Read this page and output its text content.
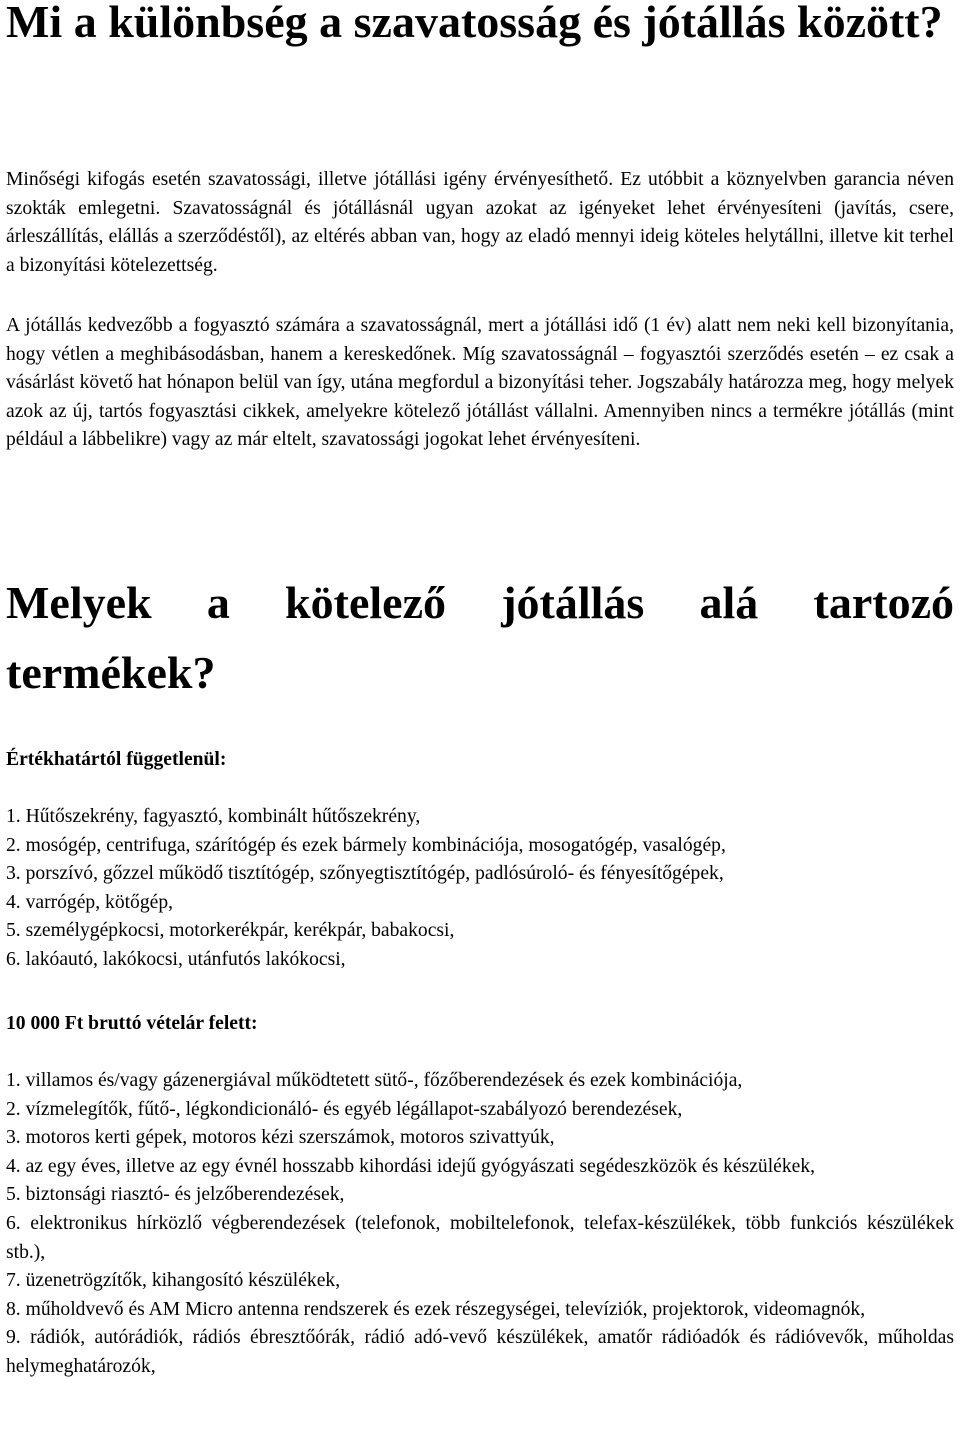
Mi a különbség a szavatosság és jótállás között?

Minőségi kifogás esetén szavatossági, illetve jótállási igény érvényesíthető. Ez utóbbit a köznyelvben garancia néven szokták emlegetni. Szavatosságnál és jótállásnál ugyan azokat az igényeket lehet érvényesíteni (javítás, csere, árleszállítás, elállás a szerződéstől), az eltérés abban van, hogy az eladó mennyi ideig köteles helytállni, illetve kit terhel a bizonyítási kötelezettség.

A jótállás kedvezőbb a fogyasztó számára a szavatosságnál, mert a jótállási idő (1 év) alatt nem neki kell bizonyítania, hogy vétlen a meghibásodásban, hanem a kereskedőnek. Míg szavatosságnál – fogyasztói szerződés esetén – ez csak a vásárlást követő hat hónapon belül van így, utána megfordul a bizonyítási teher. Jogszabály határozza meg, hogy melyek azok az új, tartós fogyasztási cikkek, amelyekre kötelező jótállást vállalni. Amennyiben nincs a termékre jótállás (mint például a lábbelikre) vagy az már eltelt, szavatossági jogokat lehet érvényesíteni.

Melyek a kötelező jótállás alá tartozó termékek?

Értékhatártól függetlenül:

1. Hűtőszekrény, fagyasztó, kombinált hűtőszekrény,
2. mosógép, centrifuga, szárítógép és ezek bármely kombinációja, mosogatógép, vasalógép,
3. porszívó, gőzzel működő tisztítógép, szőnyegtisztítógép, padlósúroló- és fényesítőgépek,
4. varrógép, kötőgép,
5. személygépkocsi, motorkerékpár, kerékpár, babakocsi,
6. lakóautó, lakókocsi, utánfutós lakókocsi,

10 000 Ft bruttó vételár felett:

1. villamos és/vagy gázenergiával működtetett sütő-, főzőberendezések és ezek kombinációja,
2. vízmelegítők, fűtő-, légkondicionáló- és egyéb légállapot-szabályozó berendezések,
3. motoros kerti gépek, motoros kézi szerszámok, motoros szivattyúk,
4. az egy éves, illetve az egy évnél hosszabb kihordási idejű gyógyászati segédeszközök és készülékek,
5. biztonsági riasztó- és jelzőberendezések,
6. elektronikus hírközlő végberendezések (telefonok, mobiltelefonok, telefax-készülékek, több funkciós készülékek stb.),
7. üzenetrögzítők, kihangosító készülékek,
8. műholdvevő és AM Micro antenna rendszerek és ezek részegységei, televíziók, projektorok, videomagnók,
9. rádiók, autórádiók, rádiós ébresztőórák, rádió adó-vevő készülékek, amatőr rádióadók és rádióvevők, műholdas helymeghatározók,
